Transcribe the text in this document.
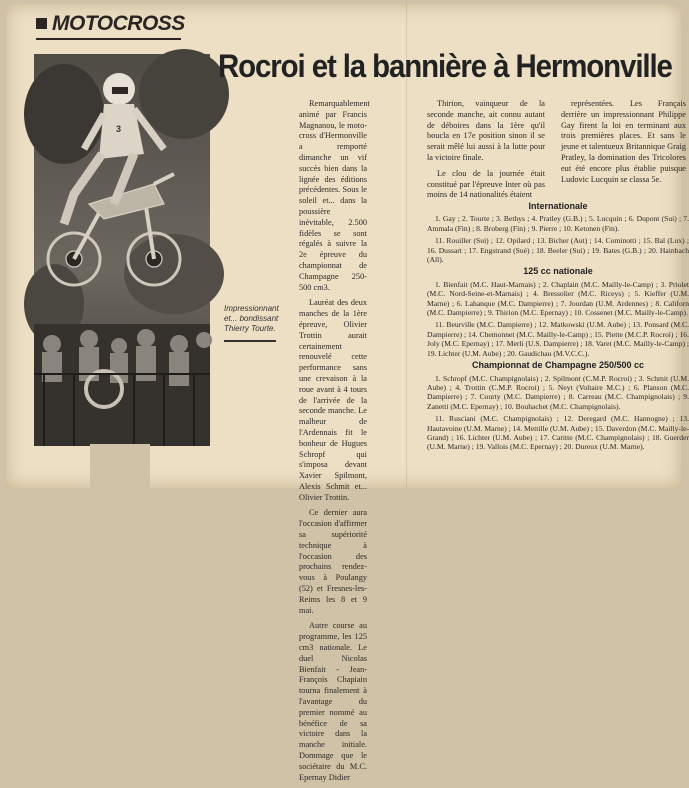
MOTOCROSS
3
Rocroi et la bannière à Hermonville
Impressionnant et... bondissant Thierry Tourte.

Remarquablement animé par Francis Magnanou, le moto-cross d'Hermonville a remporté dimanche un vif succès bien dans la lignée des éditions précédentes. Sous le soleil et... dans la poussière inévitable, 2.500 fidèles se sont régalés à suivre la 2e épreuve du championnat de Champagne 250-500 cm3.

Lauréat des deux manches de la 1ère épreuve, Olivier Trottin aurait certainement renouvelé cette performance sans une crevaison à la roue avant à 4 tours de l'arrivée de la seconde manche. Le malheur de l'Ardennais fit le bonheur de Hugues Schropf qui s'imposa devant Xavier Spilmont, Alexis Schmit et... Olivier Trottin.

Ce dernier aura l'occasion d'affirmer sa supériorité technique à l'occasion des prochains rendez-vous à Poulangy (52) et Fresnes-les-Reims les 8 et 9 mai.

Autre course au programme, les 125 cm3 nationale. Le duel Nicolas Bienfait - Jean-François Chapiain tourna finalement à l'avantage du premier nommé au bénéfice de sa victoire dans la manche initiale. Dommage que le sociétaire du M.C. Epernay Didier

Thirion, vainqueur de la seconde manche, ait connu autant de déboires dans la 1ère qu'il boucla en 17e position sinon il se serait mêlé lui aussi à la lutte pour la victoire finale.

Le clou de la journée était constitué par l'épreuve Inter où pas moins de 14 nationalités étaient

représentées. Les Français derrière un impressionnant Philippe Gay firent la loi en terminant aux trois premières places. Et sans le jeune et talentueux Britannique Graig Pratley, la domination des Tricolores eut été encore plus établie puisque Ludovic Lucquin se classa 5e.

Internationale

1. Gay ; 2. Tourte ; 3. Bethys ; 4. Pratley (G.B.) ; 5. Lucquin ; 6. Dupont (Sui) ; 7. Ammala (Fin) ; 8. Broberg (Fin) ; 9. Pierre ; 10. Ketonen (Fin).

11. Rouiller (Sui) ; 12. Opilard ; 13. Bicher (Aut) ; 14. Cominotti ; 15. Bal (Lux) ; 16. Dussart ; 17. Engstrand (Sué) ; 18. Beeler (Sui) ; 19. Bates (G.B.) ; 20. Hainbach (All).

125 cc nationale

1. Bienfait (M.C. Haut-Marnais) ; 2. Chaplain (M.C. Mailly-le-Camp) ; 3. Priolet (M.C. Nord-Seine-et-Marnais) ; 4. Bressolier (M.C. Riceys) ; 5. Kieffer (U.M. Marne) ; 6. Lahanque (M.C. Dampierre) ; 7. Jourdan (U.M. Ardennes) ; 8. Californ (M.C. Dampierre) ; 9. Thirion (M.C. Epernay) ; 10. Cossenet (M.C. Mailly-le-Camp).

11. Beurville (M.C. Dampierre) ; 12. Matkowski (U.M. Aube) ; 13. Ponsard (M.C. Dampierre) ; 14. Chemonnet (M.C. Mailly-le-Camp) ; 15. Piette (M.C.P. Rocroi) ; 16. Joly (M.C. Epernay) ; 17. Merli (U.S. Dampierre) ; 18. Varet (M.C. Mailly-le-Camp) ; 19. Lichter (U.M. Aube) ; 20. Gaudichau (M.V.C.C.).

Championnat de Champagne 250/500 cc

1. Schropf (M.C. Champignolais) ; 2. Spilmont (C.M.P. Rocroi) ; 3. Schmit (U.M. Aube) ; 4. Trottin (C.M.P. Rocroi) ; 5. Neyt (Voltaire M.C.) ; 6. Planson (M.C. Dampierre) ; 7. Courty (M.C. Dampierre) ; 8. Carreau (M.C. Champignolais) ; 9. Zanetti (M.C. Epernay) ; 10. Bouhachet (M.C. Champignolais).

11. Rusciani (M.C. Champignolais) ; 12. Deregard (M.C. Hannogne) ; 13. Hautavoine (U.M. Marne) ; 14. Mettille (U.M. Aube) ; 15. Daverdon (M.C. Mailly-le-Grand) ; 16. Lichter (U.M. Aube) ; 17. Caritte (M.C. Champignolais) ; 18. Guerder (U.M. Marne) ; 19. Vallois (M.C. Epernay) ; 20. Dureux (U.M. Marne).
